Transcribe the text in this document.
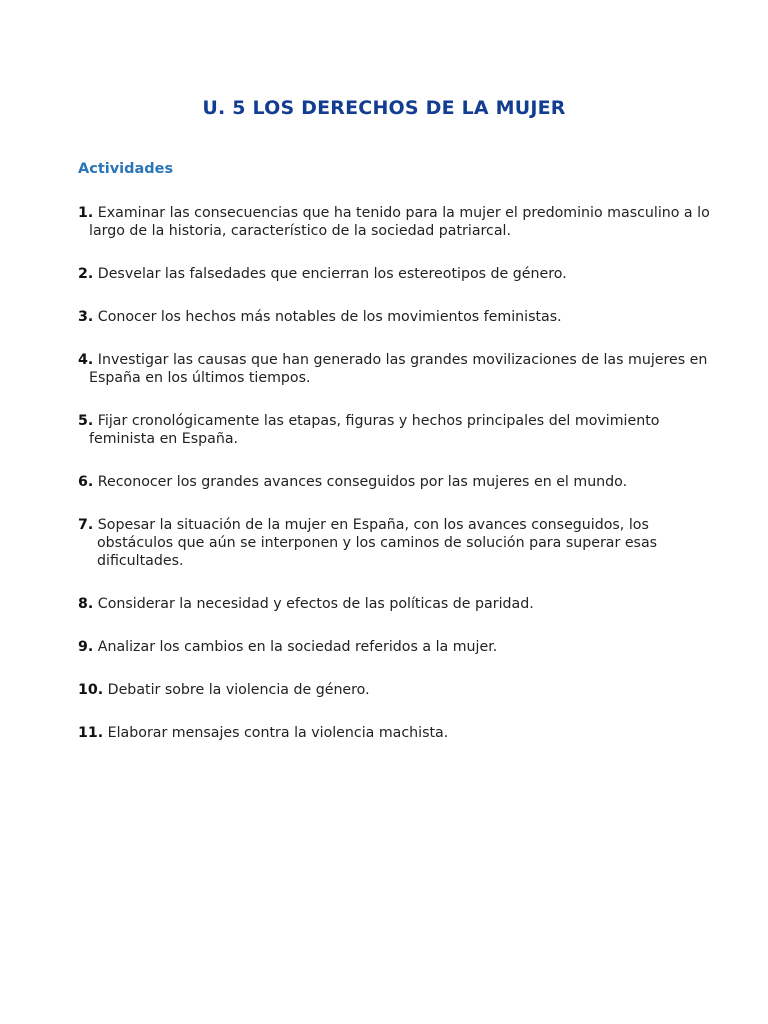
U. 5 LOS DERECHOS DE LA MUJER
Actividades
1. Examinar las consecuencias que ha tenido para la mujer el predominio masculino a lo largo de la historia, característico de la sociedad patriarcal.
2. Desvelar las falsedades que encierran los estereotipos de género.
3. Conocer los hechos más notables de los movimientos feministas.
4. Investigar las causas que han generado las grandes movilizaciones de las mujeres en España en los últimos tiempos.
5. Fijar cronológicamente las etapas, figuras y hechos principales del movimiento feminista en España.
6. Reconocer los grandes avances conseguidos por las mujeres en el mundo.
7. Sopesar la situación de la mujer en España, con los avances conseguidos, los obstáculos que aún se interponen y los caminos de solución para superar esas dificultades.
8. Considerar la necesidad y efectos de las políticas de paridad.
9. Analizar los cambios en la sociedad referidos a la mujer.
10. Debatir sobre la violencia de género.
11. Elaborar mensajes contra la violencia machista.
